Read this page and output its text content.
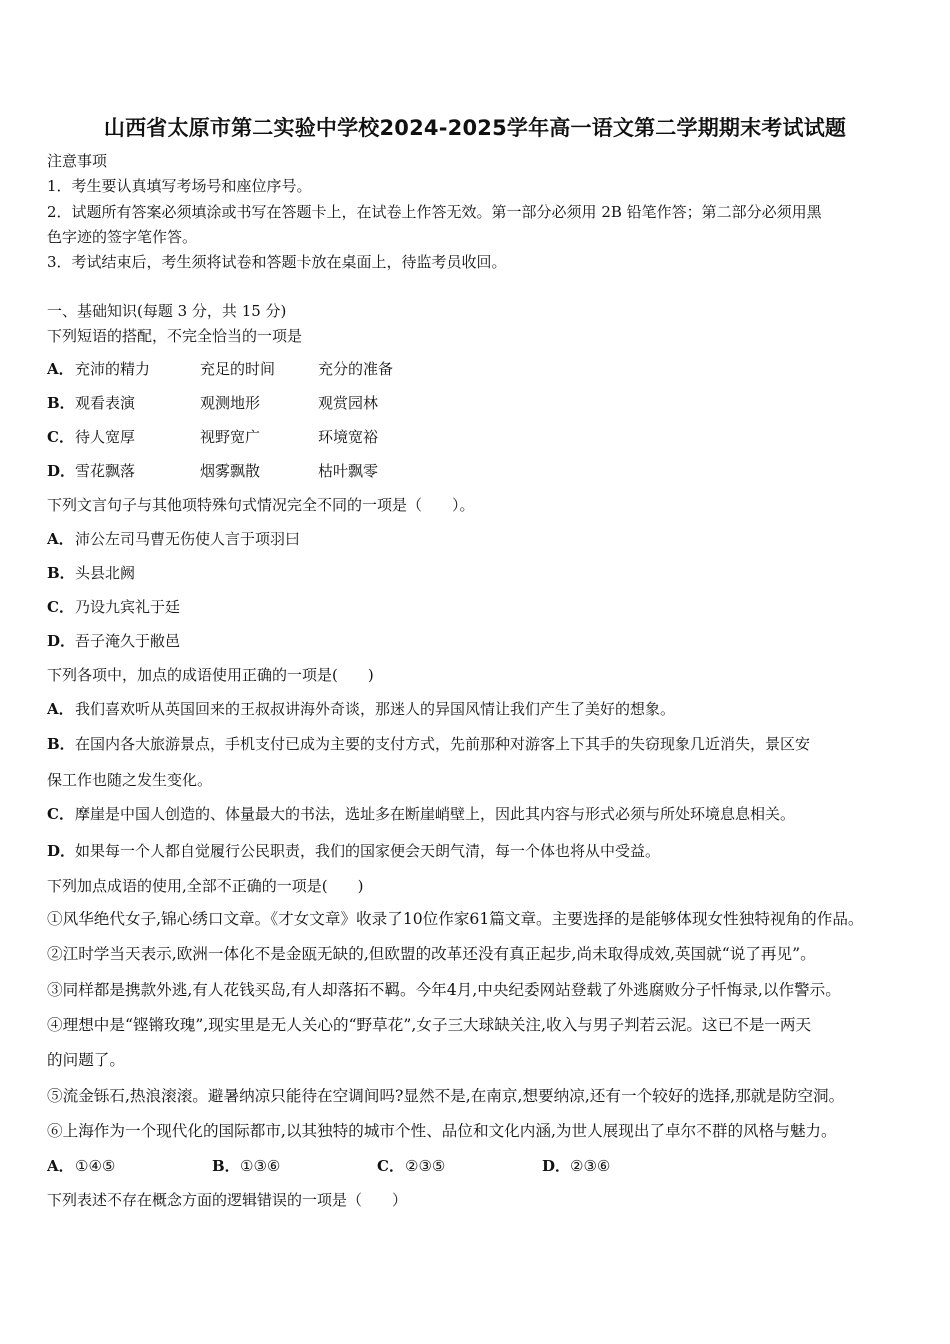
山西省太原市第二实验中学校2024-2025学年高一语文第二学期期末考试试题
注意事项
1．考生要认真填写考场号和座位序号。
2．试题所有答案必须填涂或书写在答题卡上，在试卷上作答无效。第一部分必须用 2B 铅笔作答；第二部分必须用黑
色字迹的签字笔作答。
3．考试结束后，考生须将试卷和答题卡放在桌面上，待监考员收回。
一、基础知识(每题 3 分，共 15 分)
下列短语的搭配，不完全恰当的一项是
A． 充沛的精力	充足的时间	充分的准备
B． 观看表演	观测地形	观赏园林
C． 待人宽厚	视野宽广	环境宽裕
D． 雪花飘落	烟雾飘散	枯叶飘零
下列文言句子与其他项特殊句式情况完全不同的一项是（　　）。
A．沛公左司马曹无伤使人言于项羽曰
B．头县北阙
C．乃设九宾礼于廷
D．吾子淹久于敝邑
下列各项中，加点的成语使用正确的一项是(　　)
A．我们喜欢听从英国回来的王叔叔讲海外奇谈，那迷人的异国风情让我们产生了美好的想象。
B．在国内各大旅游景点，手机支付已成为主要的支付方式，先前那种对游客上下其手的失窃现象几近消失，景区安
保工作也随之发生变化。
C．摩崖是中国人创造的、体量最大的书法，选址多在断崖峭壁上，因此其内容与形式必须与所处环境息息相关。
D．如果每一个人都自觉履行公民职责，我们的国家便会天朗气清，每一个体也将从中受益。
下列加点成语的使用,全部不正确的一项是(　　)
①风华绝代女子,锦心绣口文章。《才女文章》收录了10位作家61篇文章。主要选择的是能够体现女性独特视角的作品。
②江时学当天表示,欧洲一体化不是金瓯无缺的,但欧盟的改革还没有真正起步,尚未取得成效,英国就“说了再见”。
③同样都是携款外逃,有人花钱买岛,有人却落拓不羁。今年4月,中央纪委网站登载了外逃腐败分子忏悔录,以作警示。
④理想中是“铿锵玫瑰”,现实里是无人关心的“野草花”,女子三大球缺关注,收入与男子判若云泥。这已不是一两天
的问题了。
⑤流金铄石,热浪滚滚。避暑纳凉只能待在空调间吗?显然不是,在南京,想要纳凉,还有一个较好的选择,那就是防空洞。
⑥上海作为一个现代化的国际都市,以其独特的城市个性、品位和文化内涵,为世人展现出了卓尔不群的风格与魅力。
A．①④⑤	B．①③⑥	C．②③⑤	D．②③⑥
下列表述不存在概念方面的逻辑错误的一项是（　　）
